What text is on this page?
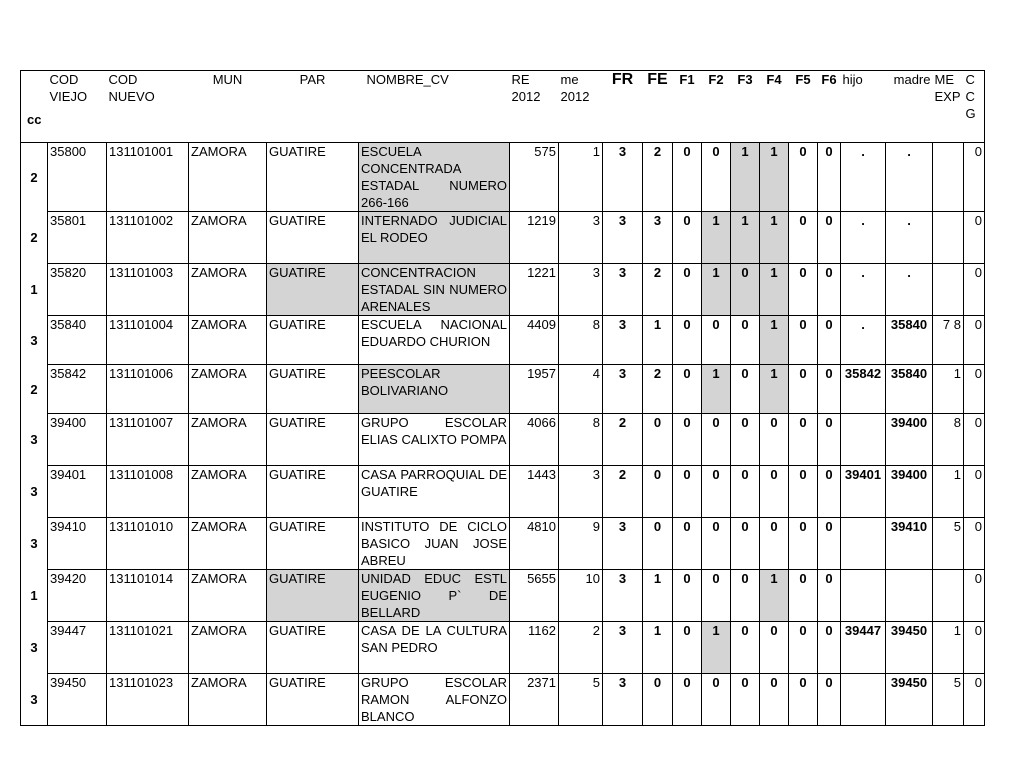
cc	COD VIEJO	COD NUEVO	MUN	PAR	NOMBRE_CV	RE 2012	me 2012	FR	FE	F1	F2	F3	F4	F5	F6	hijo	madre	ME EXP	C C G
2	35800	131101001	ZAMORA	GUATIRE	ESCUELA CONCENTRADA ESTADAL NUMERO 266-166	575	1	3	2	0	0	1	1	0	0	.	.		0
2	35801	131101002	ZAMORA	GUATIRE	INTERNADO JUDICIAL EL RODEO	1219	3	3	3	0	1	1	1	0	0	.	.		0
1	35820	131101003	ZAMORA	GUATIRE	CONCENTRACION ESTADAL SIN NUMERO ARENALES	1221	3	3	2	0	1	0	1	0	0	.	.		0
3	35840	131101004	ZAMORA	GUATIRE	ESCUELA NACIONAL EDUARDO CHURION	4409	8	3	1	0	0	0	1	0	0	.	35840	7 8	0
2	35842	131101006	ZAMORA	GUATIRE	PEESCOLAR BOLIVARIANO	1957	4	3	2	0	1	0	1	0	0	35842	35840	1	0
3	39400	131101007	ZAMORA	GUATIRE	GRUPO ESCOLAR ELIAS CALIXTO POMPA	4066	8	2	0	0	0	0	0	0	0		39400	8	0
3	39401	131101008	ZAMORA	GUATIRE	CASA PARROQUIAL DE GUATIRE	1443	3	2	0	0	0	0	0	0	0	39401	39400	1	0
3	39410	131101010	ZAMORA	GUATIRE	INSTITUTO DE CICLO BASICO JUAN JOSE ABREU	4810	9	3	0	0	0	0	0	0	0		39410	5	0
1	39420	131101014	ZAMORA	GUATIRE	UNIDAD EDUC ESTL EUGENIO P` DE BELLARD	5655	10	3	1	0	0	0	1	0	0				0
3	39447	131101021	ZAMORA	GUATIRE	CASA DE LA CULTURA SAN PEDRO	1162	2	3	1	0	1	0	0	0	0	39447	39450	1	0
3	39450	131101023	ZAMORA	GUATIRE	GRUPO ESCOLAR RAMON ALFONZO BLANCO	2371	5	3	0	0	0	0	0	0	0		39450	5	0
